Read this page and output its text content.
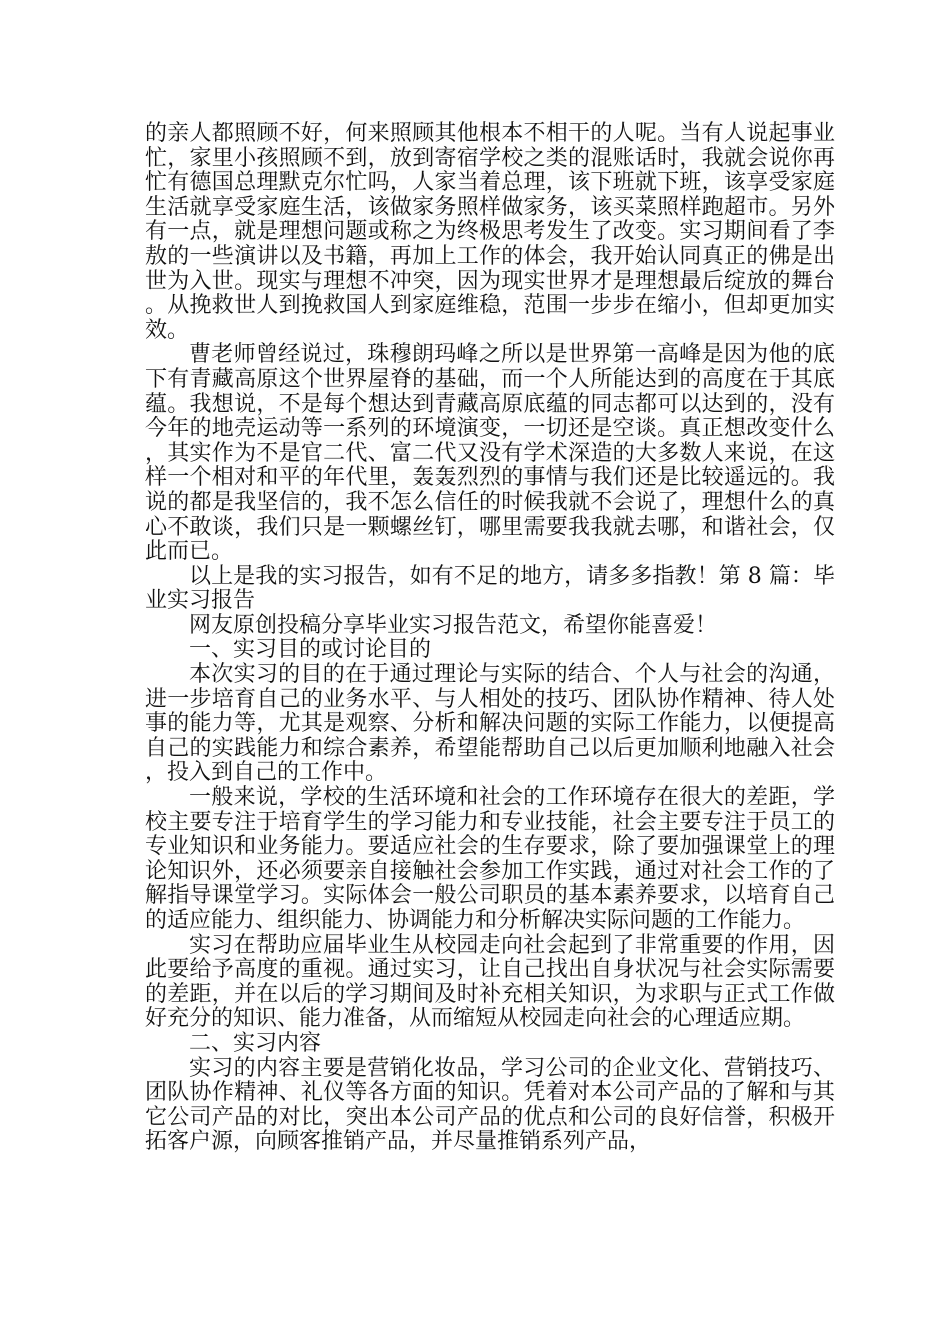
的亲人都照顾不好，何来照顾其他根本不相干的人呢。当有人说起事业忙，家里小孩照顾不到，放到寄宿学校之类的混账话时，我就会说你再忙有德国总理默克尔忙吗，人家当着总理，该下班就下班，该享受家庭生活就享受家庭生活，该做家务照样做家务，该买菜照样跑超市。另外有一点，就是理想问题或称之为终极思考发生了改变。实习期间看了李敖的一些演讲以及书籍，再加上工作的体会，我开始认同真正的佛是出世为入世。现实与理想不冲突，因为现实世界才是理想最后绽放的舞台。从挽救世人到挽救国人到家庭维稳，范围一步步在缩小，但却更加实效。

曹老师曾经说过，珠穆朗玛峰之所以是世界第一高峰是因为他的底下有青藏高原这个世界屋脊的基础，而一个人所能达到的高度在于其底蕴。我想说，不是每个想达到青藏高原底蕴的同志都可以达到的，没有今年的地壳运动等一系列的环境演变，一切还是空谈。真正想改变什么，其实作为不是官二代、富二代又没有学术深造的大多数人来说，在这样一个相对和平的年代里，轰轰烈烈的事情与我们还是比较遥远的。我说的都是我坚信的，我不怎么信任的时候我就不会说了，理想什么的真心不敢谈，我们只是一颗螺丝钉，哪里需要我我就去哪，和谐社会，仅此而已。

以上是我的实习报告，如有不足的地方，请多多指教！第 8 篇：毕业实习报告

网友原创投稿分享毕业实习报告范文，希望你能喜爱！

一、实习目的或讨论目的

本次实习的目的在于通过理论与实际的结合、个人与社会的沟通，进一步培育自己的业务水平、与人相处的技巧、团队协作精神、待人处事的能力等，尤其是观察、分析和解决问题的实际工作能力，以便提高自己的实践能力和综合素养，希望能帮助自己以后更加顺利地融入社会，投入到自己的工作中。

一般来说，学校的生活环境和社会的工作环境存在很大的差距，学校主要专注于培育学生的学习能力和专业技能，社会主要专注于员工的专业知识和业务能力。要适应社会的生存要求，除了要加强课堂上的理论知识外，还必须要亲自接触社会参加工作实践，通过对社会工作的了解指导课堂学习。实际体会一般公司职员的基本素养要求，以培育自己的适应能力、组织能力、协调能力和分析解决实际问题的工作能力。

实习在帮助应届毕业生从校园走向社会起到了非常重要的作用，因此要给予高度的重视。通过实习，让自己找出自身状况与社会实际需要的差距，并在以后的学习期间及时补充相关知识，为求职与正式工作做好充分的知识、能力准备，从而缩短从校园走向社会的心理适应期。

二、实习内容

实习的内容主要是营销化妆品，学习公司的企业文化、营销技巧、团队协作精神、礼仪等各方面的知识。凭着对本公司产品的了解和与其它公司产品的对比，突出本公司产品的优点和公司的良好信誉，积极开拓客户源，向顾客推销产品，并尽量推销系列产品，
